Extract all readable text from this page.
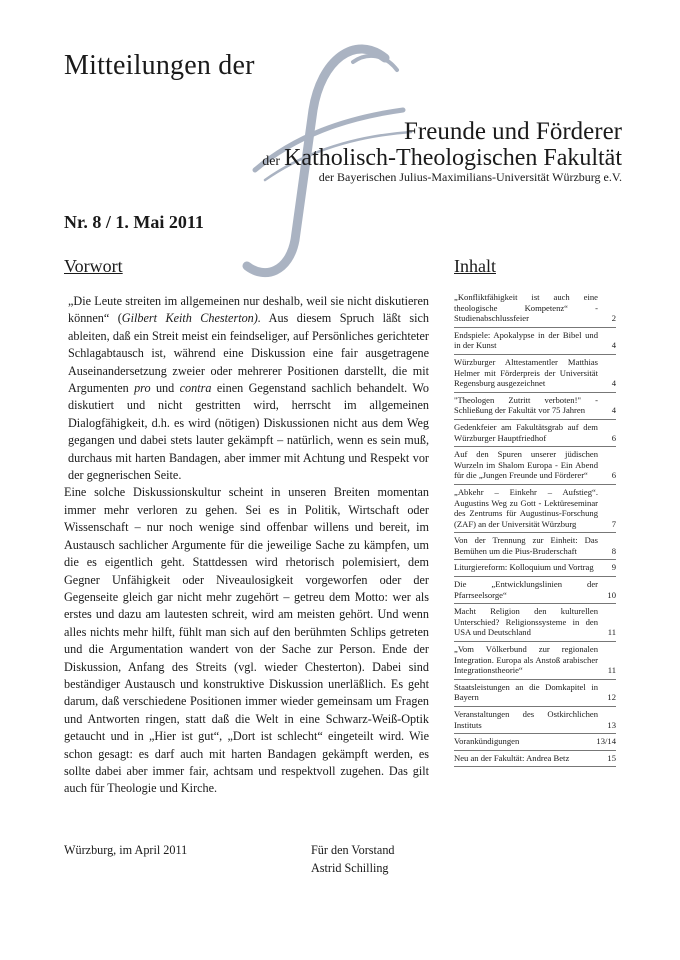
Mitteilungen der
Freunde und Förderer
der Katholisch-Theologischen Fakultät
der Bayerischen Julius-Maximilians-Universität Würzburg e.V.
Nr. 8 / 1. Mai 2011
Vorwort	Inhalt

„Die Leute streiten im allgemeinen nur deshalb, weil sie nicht diskutieren können“ (Gilbert Keith Chesterton). Aus diesem Spruch läßt sich ableiten, daß ein Streit meist ein feindseliger, auf Persönliches gerichteter Schlagabtausch ist, während eine Diskussion eine fair ausgetragene Auseinandersetzung zweier oder mehrerer Positionen darstellt, die mit Argumenten pro und contra einen Gegenstand sachlich behandelt. Wo diskutiert und nicht gestritten wird, herrscht im allgemeinen Dialogfähigkeit, d.h. es wird (nötigen) Diskussionen nicht aus dem Weg gegangen und dabei stets lauter gekämpft – natürlich, wenn es sein muß, durchaus mit harten Bandagen, aber immer mit Achtung und Respekt vor der gegnerischen Seite.

Eine solche Diskussionskultur scheint in unseren Breiten momentan immer mehr verloren zu gehen. Sei es in Politik, Wirtschaft oder Wissenschaft – nur noch wenige sind offenbar willens und bereit, im Austausch sachlicher Argumente für die jeweilige Sache zu kämpfen, um die es eigentlich geht. Stattdessen wird rhetorisch polemisiert, dem Gegner Unfähigkeit oder Niveaulosigkeit vorgeworfen oder der Gegenseite gleich gar nicht mehr zugehört – getreu dem Motto: wer als erstes und dazu am lautesten schreit, wird am meisten gehört. Und wenn alles nichts mehr hilft, fühlt man sich auf den berühmten Schlips getreten und die Argumentation wandert von der Sache zur Person. Ende der Diskussion, Anfang des Streits (vgl. wieder Chesterton). Dabei sind beständiger Austausch und konstruktive Diskussion unerläßlich. Es geht darum, daß verschiedene Positionen immer wieder gemeinsam um Fragen und Antworten ringen, statt daß die Welt in eine Schwarz-Weiß-Optik getaucht und in „Hier ist gut“, „Dort ist schlecht“ eingeteilt wird. Wie schon gesagt: es darf auch mit harten Bandagen gekämpft werden, es sollte dabei aber immer fair, achtsam und respektvoll zugehen. Das gilt auch für Theologie und Kirche.

Würzburg, im April 2011	Für den Vorstand
Astrid Schilling
„Konfliktfähigkeit ist auch eine theologische Kompetenz“ - Studienabschlussfeier	2
Endspiele: Apokalypse in der Bibel und in der Kunst	4
Würzburger Alttestamentler Matthias Helmer mit Förderpreis der Universität Regensburg ausgezeichnet	4
"Theologen Zutritt verboten!" - Schließung der Fakultät vor 75 Jahren	4
Gedenkfeier am Fakultätsgrab auf dem Würzburger Hauptfriedhof	6
Auf den Spuren unserer jüdischen Wurzeln im Shalom Europa - Ein Abend für die „Jungen Freunde und Förderer“	6
„Abkehr – Einkehr – Aufstieg“. Augustins Weg zu Gott - Lektüreseminar des Zentrums für Augustinus-Forschung (ZAF) an der Universität Würzburg	7
Von der Trennung zur Einheit: Das Bemühen um die Pius-Bruderschaft	8
Liturgiereform: Kolloquium und Vortrag	9
Die „Entwicklungslinien der Pfarrseelsorge“	10
Macht Religion den kulturellen Unterschied? Religionssysteme in den USA und Deutschland	11
„Vom Völkerbund zur regionalen Integration. Europa als Anstoß arabischer Integrationstheorie“	11
Staatsleistungen an die Domkapitel in Bayern	12
Veranstaltungen des Ostkirchlichen Instituts	13
Vorankündigungen	13/14
Neu an der Fakultät: Andrea Betz	15
